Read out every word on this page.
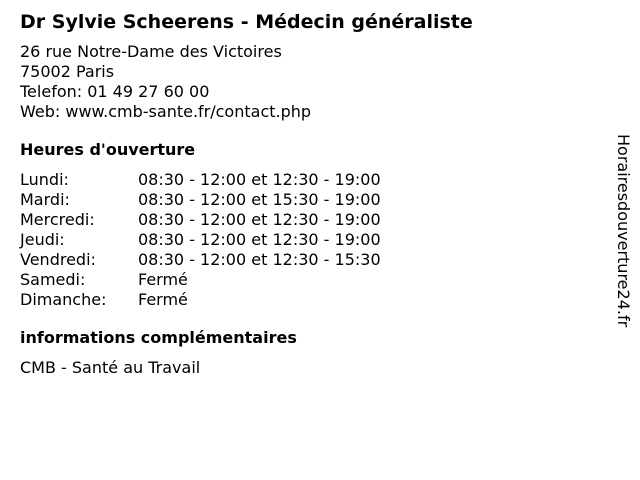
Dr Sylvie Scheerens - Médecin généraliste
26 rue Notre-Dame des Victoires
75002 Paris
Telefon: 01 49 27 60 00
Web: www.cmb-sante.fr/contact.php
Heures d'ouverture
Lundi:	08:30 - 12:00 et 12:30 - 19:00
Mardi:	08:30 - 12:00 et 15:30 - 19:00
Mercredi:	08:30 - 12:00 et 12:30 - 19:00
Jeudi:	08:30 - 12:00 et 12:30 - 19:00
Vendredi:	08:30 - 12:00 et 12:30 - 15:30
Samedi:	Fermé
Dimanche:	Fermé
informations complémentaires
CMB - Santé au Travail
Horairesdouverture24.fr
